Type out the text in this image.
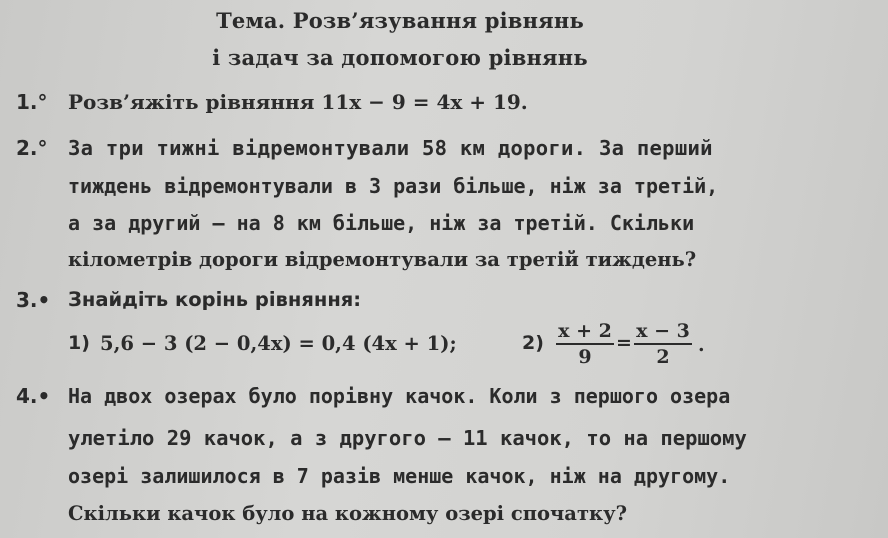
Тема. Розв’язування рівнянь
і задач за допомогою рівнянь
1.° Розв’яжіть рівняння 11x − 9 = 4x + 19.
2.° За три тижні відремонтували 58 км дороги. За перший
тиждень відремонтували в 3 рази більше, ніж за третій,
а за другий — на 8 км більше, ніж за третій. Скільки
кілометрів дороги відремонтували за третій тиждень?
3.• Знайдіть корінь рівняння:
1) 5,6 − 3 (2 − 0,4x) = 0,4 (4x + 1);	$2) \frac{x + 2}{9} = \frac{x - 3}{2}$ .
4.• На двох озерах було порівну качок. Коли з першого озера
улетіло 29 качок, а з другого — 11 качок, то на першому
озері залишилося в 7 разів менше качок, ніж на другому.
Скільки качок було на кожному озері спочатку?
